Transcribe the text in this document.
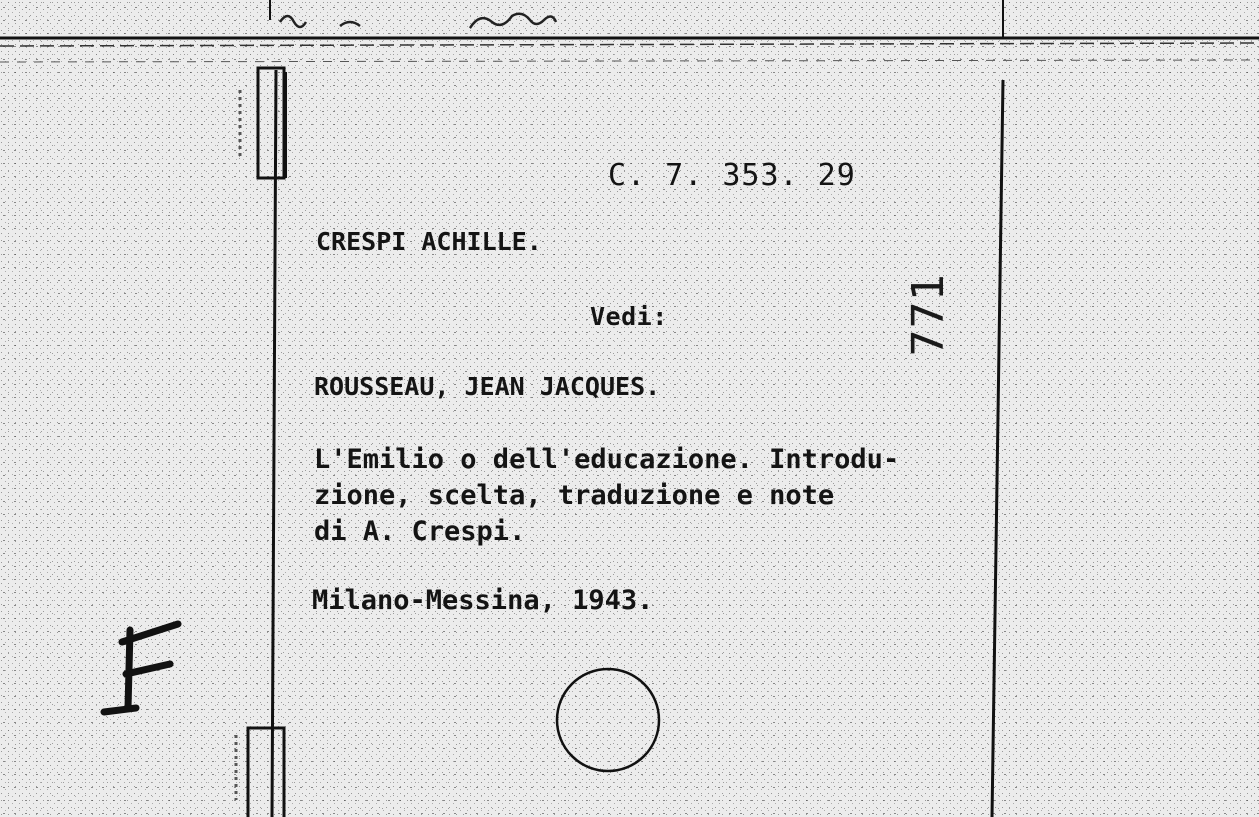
C. 7. 353. 29
CRESPI ACHILLE.
Vedi:
ROUSSEAU, JEAN JACQUES.
L'Emilio o dell'educazione. Introdu-
zione, scelta, traduzione e note
di A. Crespi.
Milano-Messina, 1943.
771
